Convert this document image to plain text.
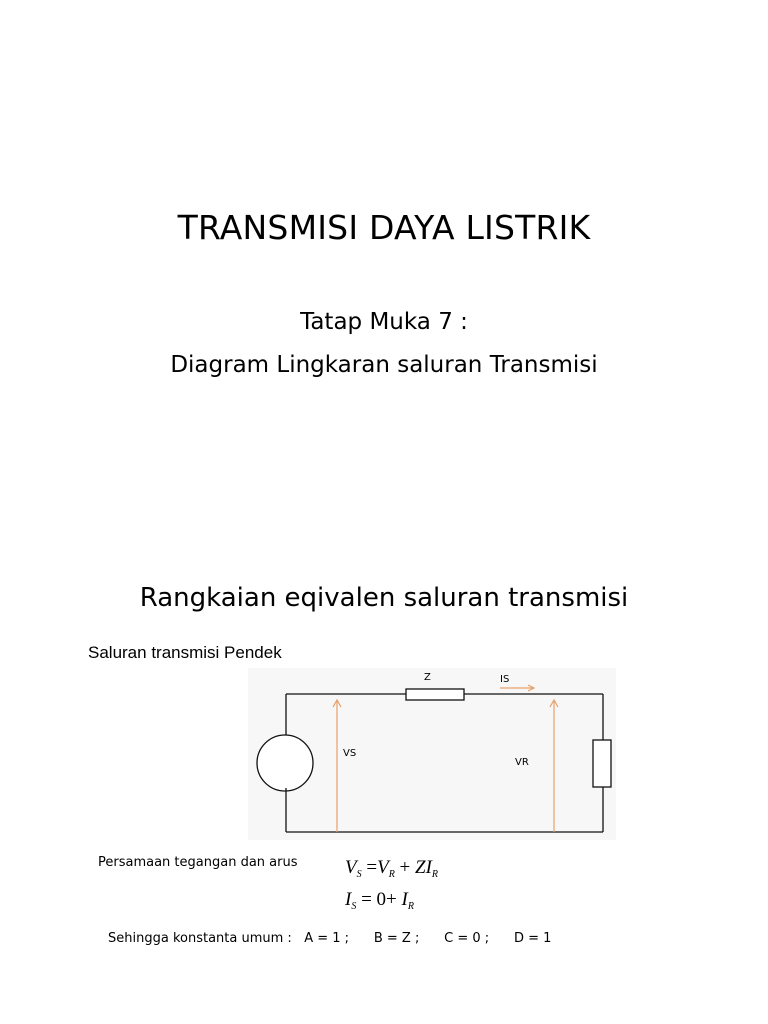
TRANSMISI DAYA LISTRIK
Tatap Muka 7 :
Diagram Lingkaran saluran Transmisi
Rangkaian eqivalen saluran transmisi
Saluran transmisi Pendek
Z	IS
VS
VR
Persamaan tegangan dan arus	$V_S =V_R + ZI_R$
$I_S = 0+ I_R$
Sehingga konstanta umum : A = 1 ; B = Z ; C = 0 ; D = 1
